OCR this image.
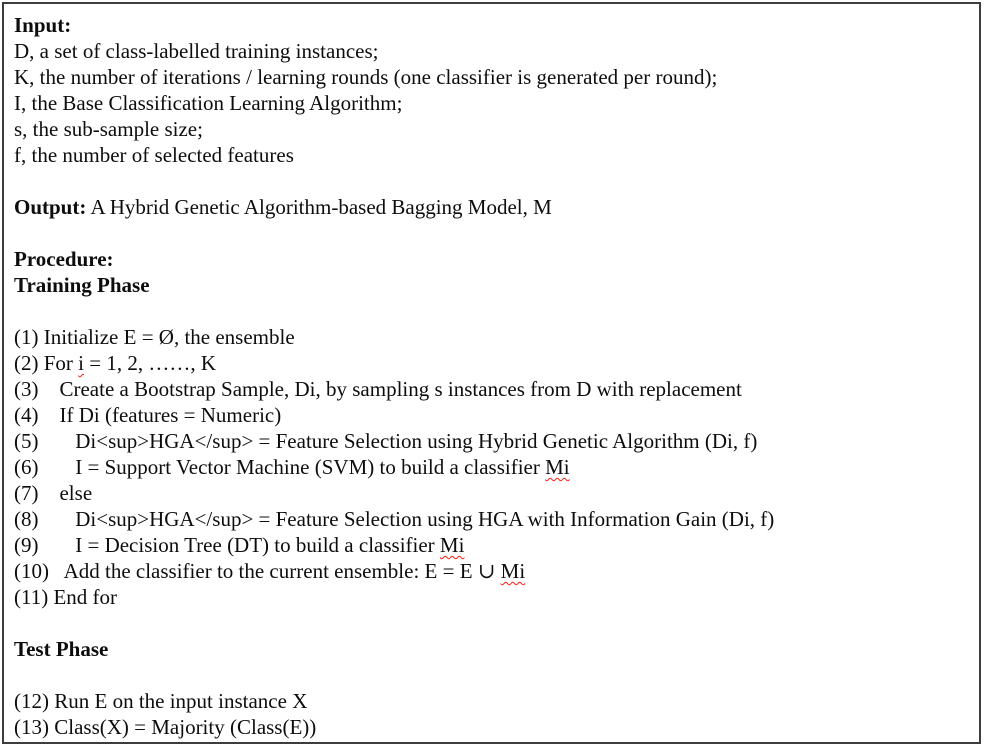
Input:
D, a set of class-labelled training instances;
K, the number of iterations / learning rounds (one classifier is generated per round);
I, the Base Classification Learning Algorithm;
s, the sub-sample size;
f, the number of selected features
Output: A Hybrid Genetic Algorithm-based Bagging Model, M
Procedure:
Training Phase
(1) Initialize E = Ø, the ensemble
(2) For i = 1, 2, ……, K
(3)    Create a Bootstrap Sample, Di, by sampling s instances from D with replacement
(4)    If Di (features = Numeric)
(5)       Di<sup>HGA</sup> = Feature Selection using Hybrid Genetic Algorithm (Di, f)
(6)       I = Support Vector Machine (SVM) to build a classifier Mi
(7)    else
(8)       Di<sup>HGA</sup> = Feature Selection using HGA with Information Gain (Di, f)
(9)       I = Decision Tree (DT) to build a classifier Mi
(10)   Add the classifier to the current ensemble: E = E ∪ Mi
(11) End for
Test Phase
(12) Run E on the input instance X
(13) Class(X) = Majority (Class(E))
